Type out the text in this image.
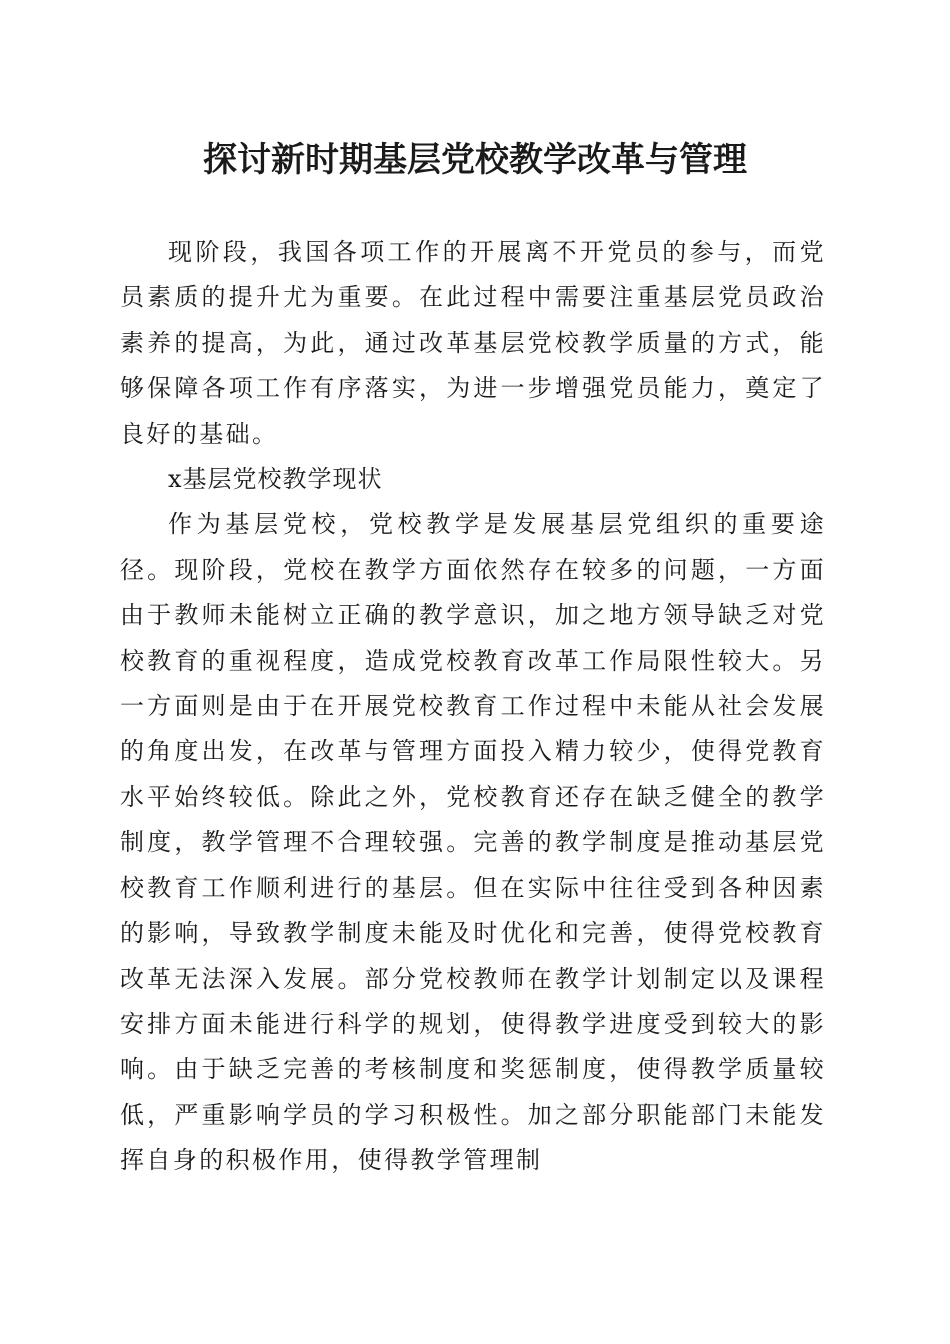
探讨新时期基层党校教学改革与管理

现阶段，我国各项工作的开展离不开党员的参与，而党员素质的提升尤为重要。在此过程中需要注重基层党员政治素养的提高，为此，通过改革基层党校教学质量的方式，能够保障各项工作有序落实，为进一步增强党员能力，奠定了良好的基础。

x基层党校教学现状

作为基层党校，党校教学是发展基层党组织的重要途径。现阶段，党校在教学方面依然存在较多的问题，一方面由于教师未能树立正确的教学意识，加之地方领导缺乏对党校教育的重视程度，造成党校教育改革工作局限性较大。另一方面则是由于在开展党校教育工作过程中未能从社会发展的角度出发，在改革与管理方面投入精力较少，使得党教育水平始终较低。除此之外，党校教育还存在缺乏健全的教学制度，教学管理不合理较强。完善的教学制度是推动基层党校教育工作顺利进行的基层。但在实际中往往受到各种因素的影响，导致教学制度未能及时优化和完善，使得党校教育改革无法深入发展。部分党校教师在教学计划制定以及课程安排方面未能进行科学的规划，使得教学进度受到较大的影响。由于缺乏完善的考核制度和奖惩制度，使得教学质量较低，严重影响学员的学习积极性。加之部分职能部门未能发挥自身的积极作用，使得教学管理制
